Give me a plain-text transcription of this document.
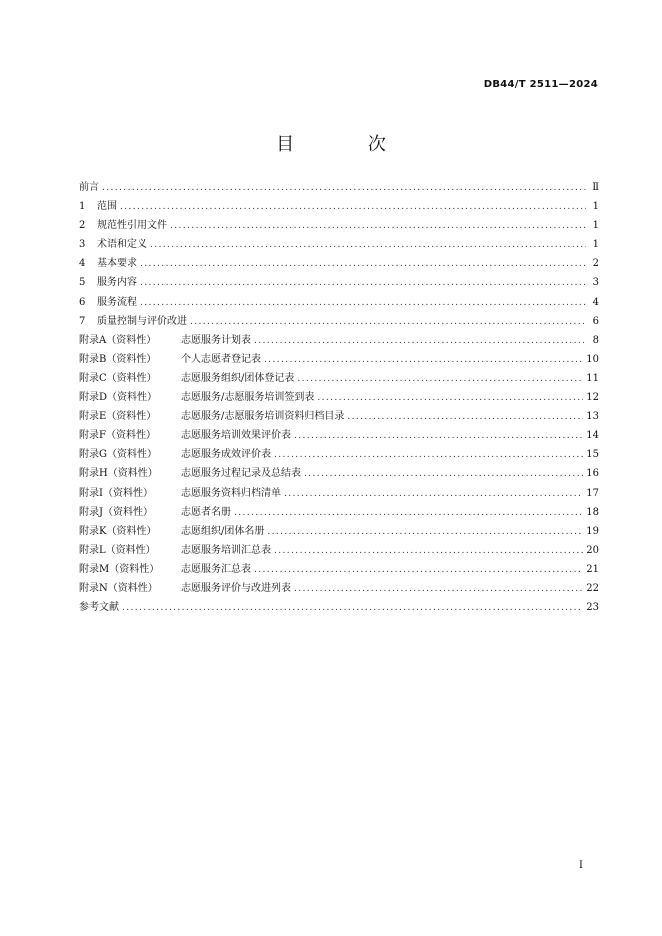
DB44/T 2511—2024
目 次
前言 .....	Ⅱ
1	范围 .....	1
2	规范性引用文件 .....	1
3	术语和定义 .....	1
4	基本要求 .....	2
5	服务内容 .....	3
6	服务流程 .....	4
7	质量控制与评价改进 .....	6
附录A（资料性）	志愿服务计划表 .....	8
附录B（资料性）	个人志愿者登记表 .....	10
附录C（资料性）	志愿服务组织/团体登记表 .....	11
附录D（资料性）	志愿服务/志愿服务培训签到表 .....	12
附录E（资料性）	志愿服务/志愿服务培训资料归档目录 .....	13
附录F（资料性）	志愿服务培训效果评价表 .....	14
附录G（资料性）	志愿服务成效评价表 .....	15
附录H（资料性）	志愿服务过程记录及总结表 .....	16
附录I（资料性）	志愿服务资料归档清单 .....	17
附录J（资料性）	志愿者名册 .....	18
附录K（资料性）	志愿组织/团体名册 .....	19
附录L（资料性）	志愿服务培训汇总表 .....	20
附录M（资料性）	志愿服务汇总表 .....	21
附录N（资料性）	志愿服务评价与改进列表 .....	22
参考文献 .....	23
I
